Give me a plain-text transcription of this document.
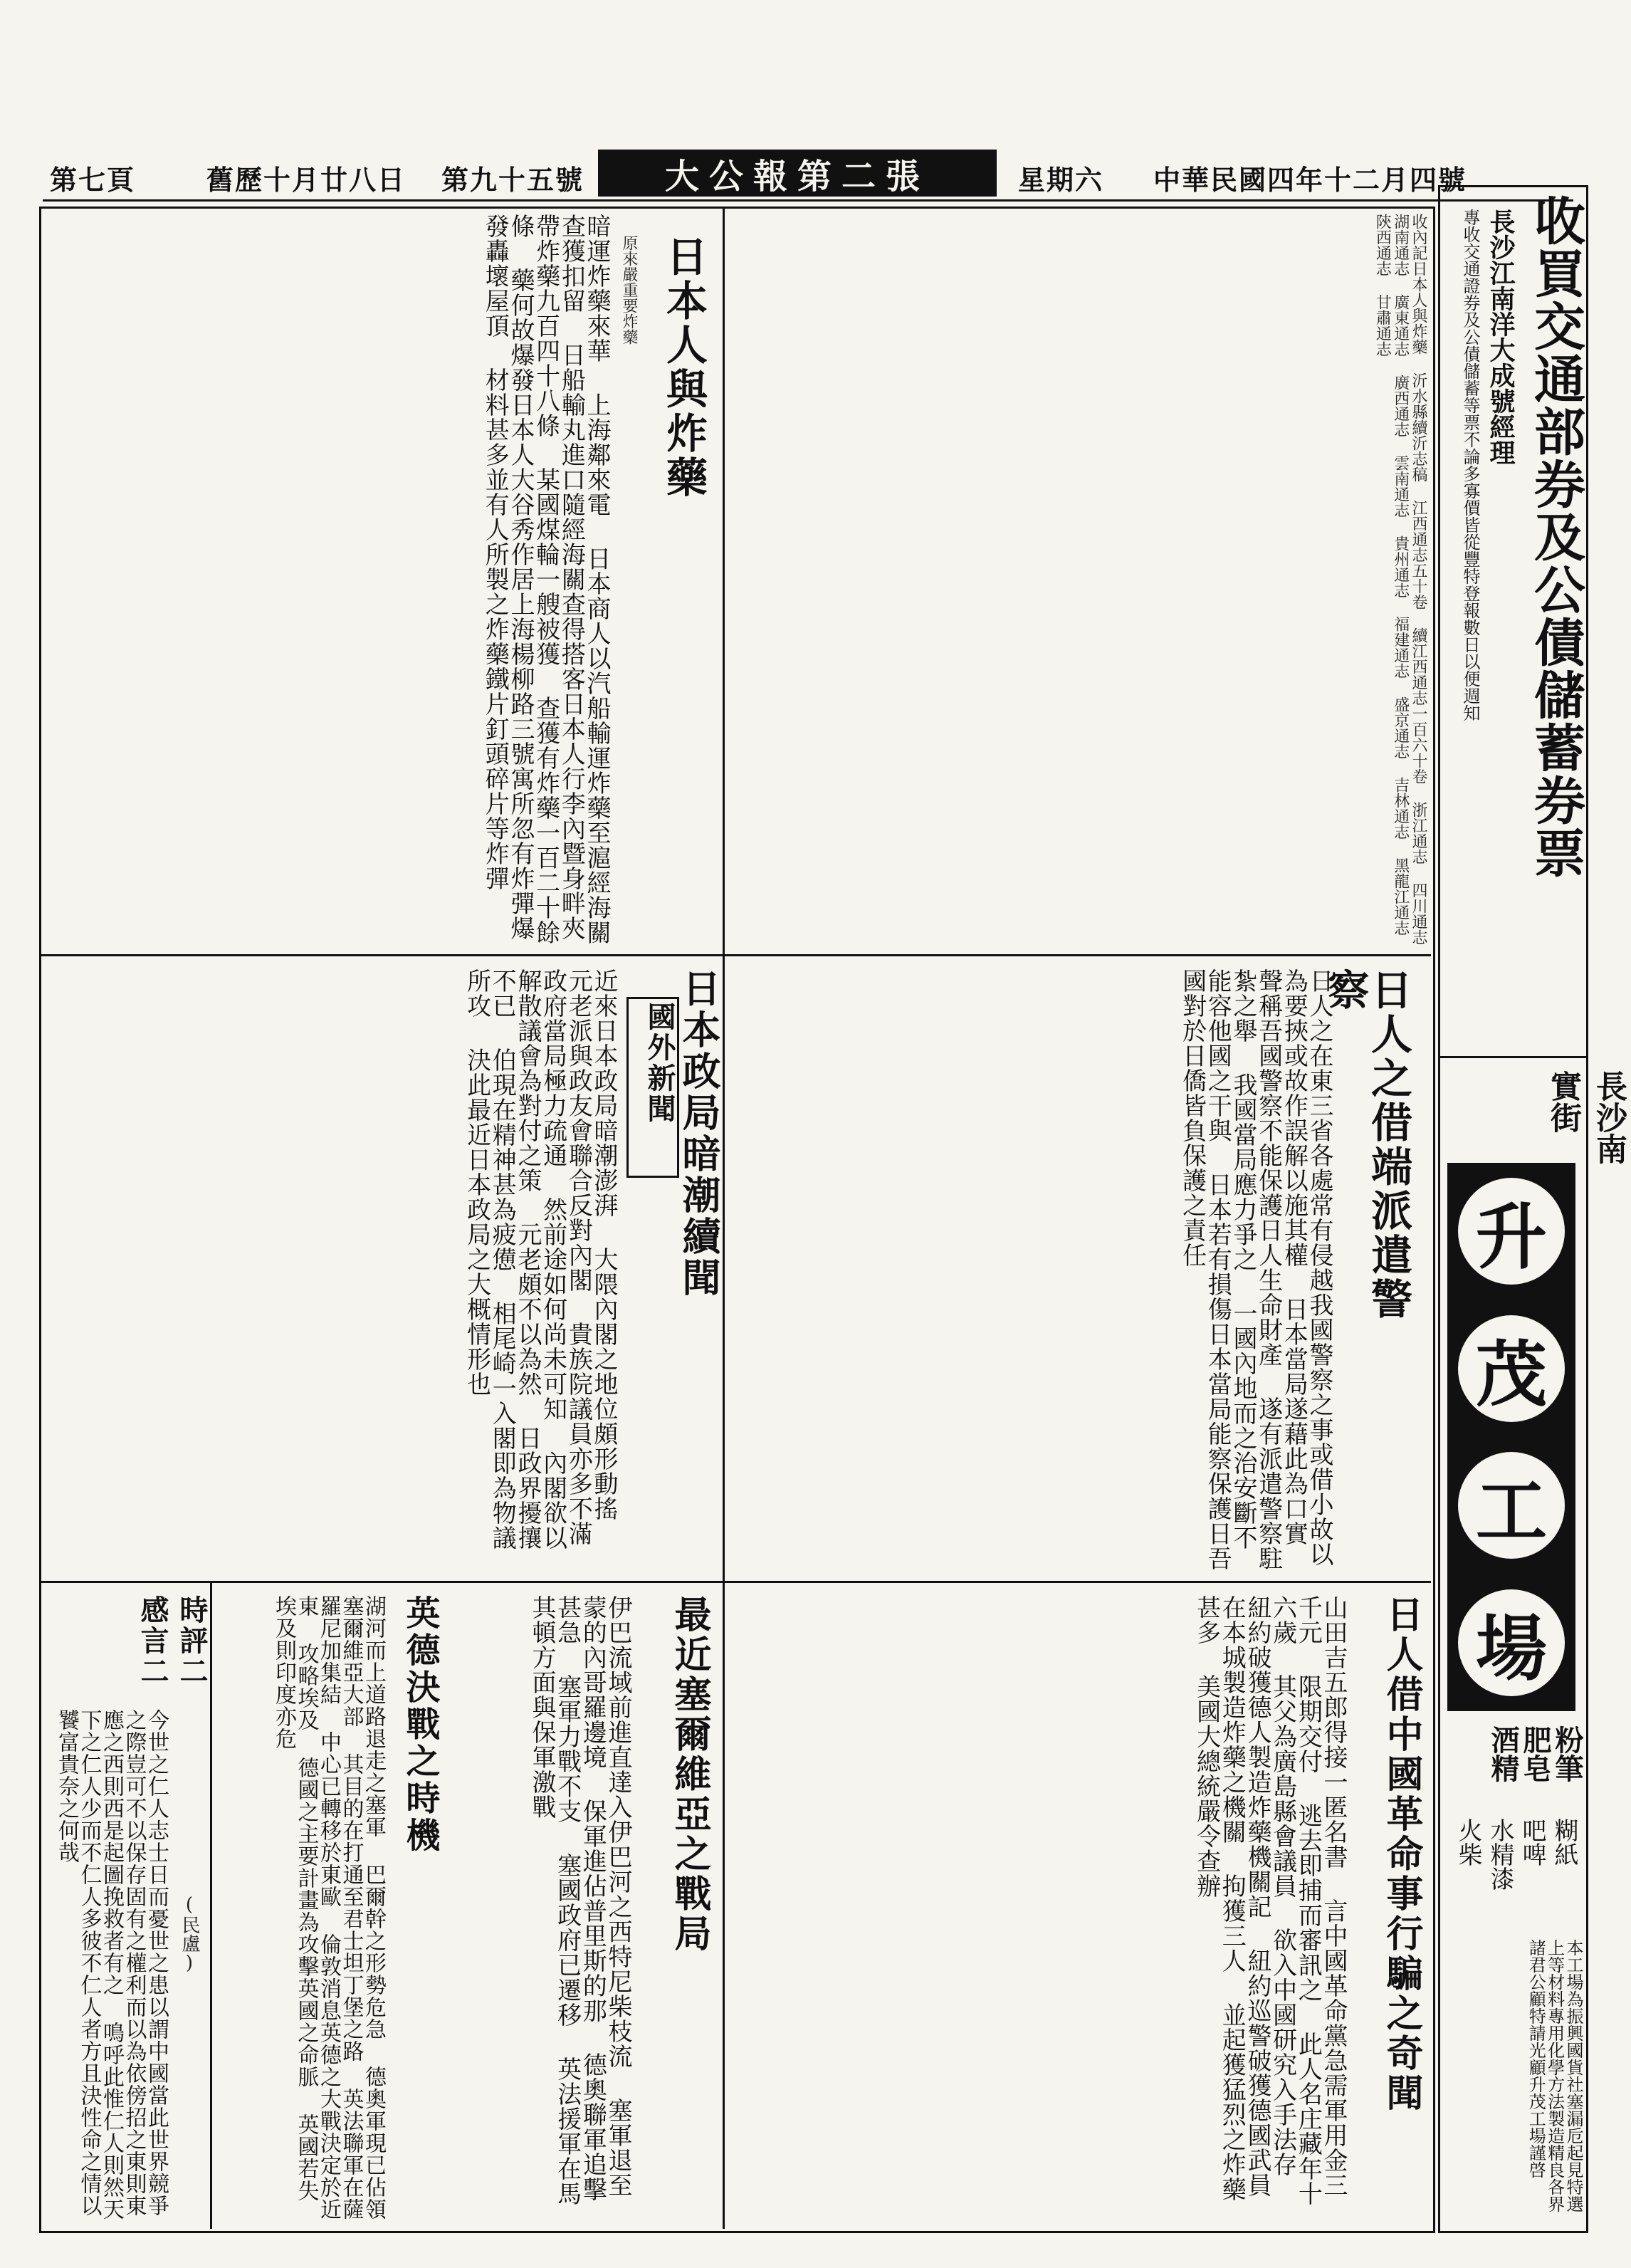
第七頁	舊歷十月廿八日 第九十五號	大公報第二張	星期六 中華民國四年十二月四號
收內記日本人與炸藥 沂水縣續沂志稿 江西通志五十卷 續江西通志一百六十卷 浙江通志 四川通志 湖南通志 廣東通志 廣西通志 雲南通志 貴州通志 福建通志 盛京通志 吉林通志 黑龍江通志 陝西通志 甘肅通志
日本人與炸藥
原來嚴重要炸藥
暗運炸藥來華 上海鄰來電 日本商人以汽船輸運炸藥至滬經海關查獲扣留 日船輸丸進口隨經海關查得搭客日本人行李內暨身畔夾帶炸藥九百四十八條 某國煤輪一艘被獲 查獲有炸藥一百二十餘條 藥何故爆發日本人大谷秀作居上海楊柳路三號寓所忽有炸彈爆發轟壞屋頂 材料甚多並有人所製之炸藥鐵片釘頭碎片等炸彈
日人之借端派遣警察
日人之在東三省各處常有侵越我國警察之事或借小故以為要挾或故作誤解以施其權 日本當局遂藉此為口實 聲稱吾國警察不能保護日人生命財產 遂有派遣警察駐紮之舉 我國當局應力爭之 一國內地而之治安斷不能容他國之干與 日本若有損傷日本當局能察保護日吾國對於日僑皆負保護之責任
國外新聞 日本政局暗潮續聞
近來日本政局暗潮澎湃 大隈內閣之地位頗形動搖 元老派與政友會聯合反對內閣 貴族院議員亦多不滿 政府當局極力疏通 然前途如何尚未可知 內閣欲以解散議會為對付之策 元老頗不以為然 日政界擾攘不已 伯現在精神甚為疲憊 相尾崎一入閣即為物議所攻 決此最近日本政局之大概情形也
日人借中國革命事行騙之奇聞
山田吉五郎得接一匿名書 言中國革命黨急需軍用金三千元 限期交付 逃去即捕而審訊之 此人名庄藏年十六歲 其父為廣島縣會議員 欲入中國研究入手法存 紐約破獲德人製造炸藥機關記 紐約巡警破獲德國武員在本城製造炸藥之機關 拘獲三人 並起獲猛烈之炸藥甚多 美國大總統嚴令查辦
最近塞爾維亞之戰局
伊巴流域前進直達入伊巴河之西特尼柴枝流 塞軍退至蒙的內哥羅邊境 保軍進佔普里斯的那 德奧聯軍追擊甚急 塞軍力戰不支 塞國政府已遷移 英法援軍在馬其頓方面與保軍激戰
英德決戰之時機
湖河而上道路退走之塞軍 巴爾幹之形勢危急 德奧軍現已佔領塞爾維亞大部 其目的在打通至君士坦丁堡之路 英法聯軍在薩羅尼加集結 中心已轉移於東歐 倫敦消息英德之大戰決定於近東 攻略埃及 德國之主要計畫為攻擊英國之命脈 英國若失埃及則印度亦危
時評二
(民盧)
感言二
今世之仁人志士日而憂世之患以謂中國當此世界競爭之際豈可不以保存固有之權利而以為依傍招之東則東應之西則西是起圖挽救者有之 鳴呼此惟仁人則然天下之仁人少而不仁人多彼不仁人者方且決性命之情以饕富貴奈之何哉
收買交通部券及公債儲蓄券票
長沙江南洋大成號經理
專收交通證券及公債儲蓄等票不論多寡價皆從豐特登報數日以便週知
長沙南實街
升
茂
工
場
粉筆
肥皂
酒精
糊紙
吧啤
水精漆
火柴
本工場為振興國貨社塞漏卮起見特選上等材料專用化學方法製造精良各界諸君公顧特請光顧升茂工場謹啓
